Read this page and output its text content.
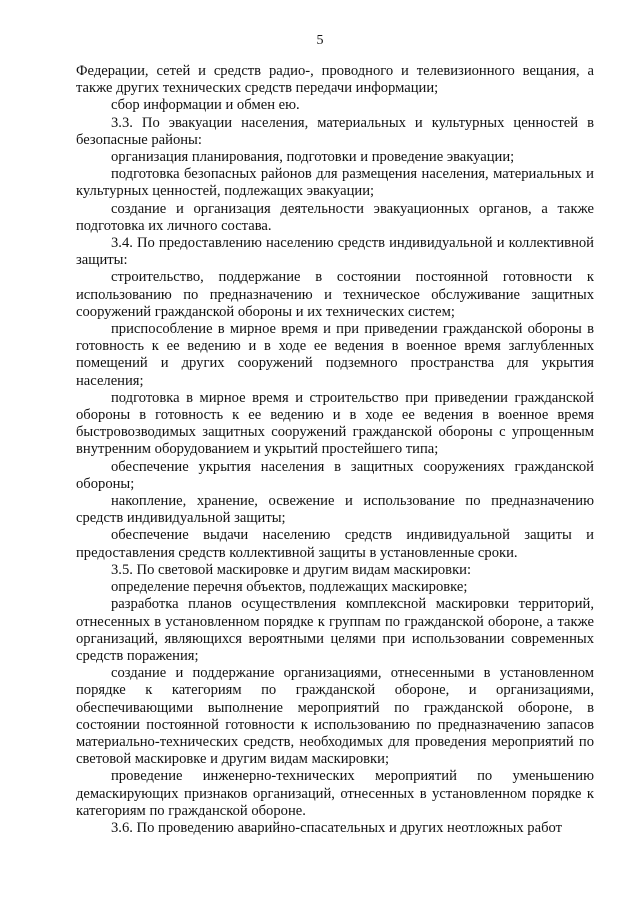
5

Федерации, сетей и средств радио-, проводного и телевизионного вещания, а также других технических средств передачи информации;

сбор информации и обмен ею.

3.3. По эвакуации населения, материальных и культурных ценностей в безопасные районы:

организация планирования, подготовки и проведение эвакуации;

подготовка безопасных районов для размещения населения, материальных и культурных ценностей, подлежащих эвакуации;

создание и организация деятельности эвакуационных органов, а также подготовка их личного состава.

3.4. По предоставлению населению средств индивидуальной и коллективной защиты:

строительство, поддержание в состоянии постоянной готовности к использованию по предназначению и техническое обслуживание защитных сооружений гражданской обороны и их технических систем;

приспособление в мирное время и при приведении гражданской обороны в готовность к ее ведению и в ходе ее ведения в военное время заглубленных помещений и других сооружений подземного пространства для укрытия населения;

подготовка в мирное время и строительство при приведении гражданской обороны в готовность к ее ведению и в ходе ее ведения в военное время быстровозводимых защитных сооружений гражданской обороны с упрощенным внутренним оборудованием и укрытий простейшего типа;

обеспечение укрытия населения в защитных сооружениях гражданской обороны;

накопление, хранение, освежение и использование по предназначению средств индивидуальной защиты;

обеспечение выдачи населению средств индивидуальной защиты и предоставления средств коллективной защиты в установленные сроки.

3.5. По световой маскировке и другим видам маскировки:

определение перечня объектов, подлежащих маскировке;

разработка планов осуществления комплексной маскировки территорий, отнесенных в установленном порядке к группам по гражданской обороне, а также организаций, являющихся вероятными целями при использовании современных средств поражения;

создание и поддержание организациями, отнесенными в установленном порядке к категориям по гражданской обороне, и организациями, обеспечивающими выполнение мероприятий по гражданской обороне, в состоянии постоянной готовности к использованию по предназначению запасов материально-технических средств, необходимых для проведения мероприятий по световой маскировке и другим видам маскировки;

проведение инженерно-технических мероприятий по уменьшению демаскирующих признаков организаций, отнесенных в установленном порядке к категориям по гражданской обороне.

3.6. По проведению аварийно-спасательных и других неотложных работ
